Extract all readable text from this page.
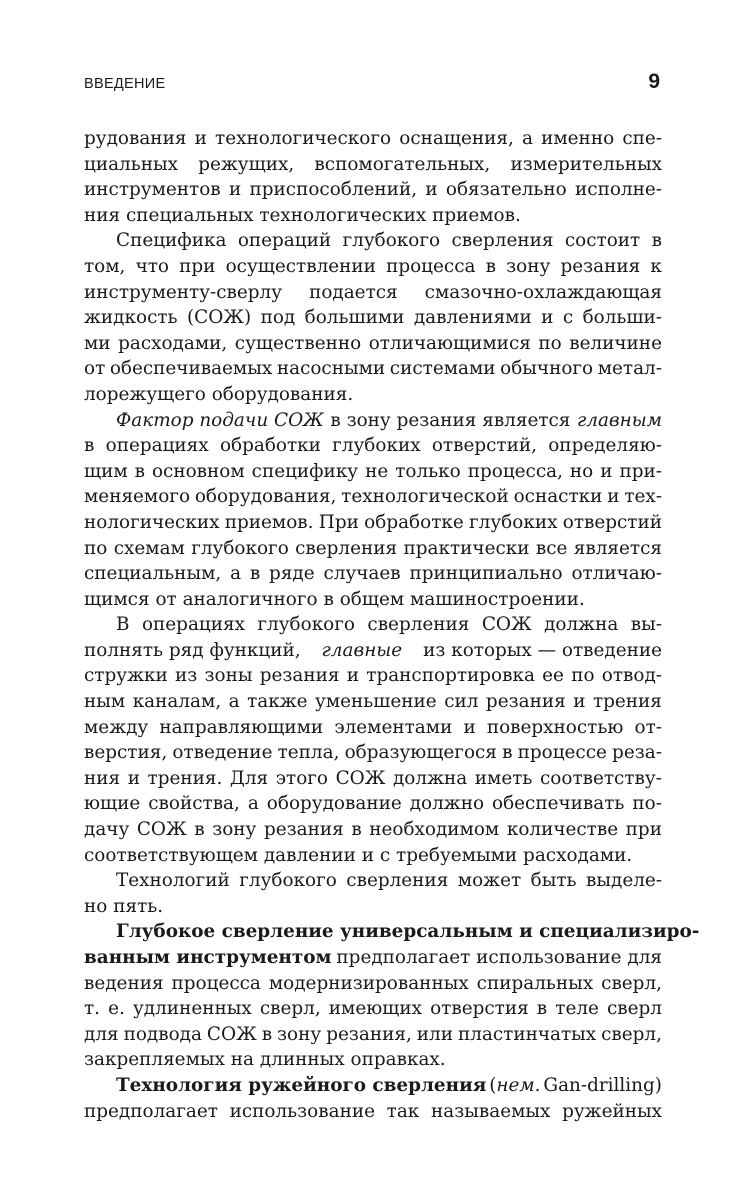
ВВЕДЕНИЕ	9
рудования и технологического оснащения, а именно спе-
циальных режущих, вспомогательных, измерительных
инструментов и приспособлений, и обязательно исполне-
ния специальных технологических приемов.
Специфика операций глубокого сверления состоит в
том, что при осуществлении процесса в зону резания к
инструменту-сверлу подается смазочно-охлаждающая
жидкость (СОЖ) под большими давлениями и с больши-
ми расходами, существенно отличающимися по величине
от обеспечиваемых насосными системами обычного метал-
лорежущего оборудования.
Фактор подачи СОЖ в зону резания является главным
в операциях обработки глубоких отверстий, определяю-
щим в основном специфику не только процесса, но и при-
меняемого оборудования, технологической оснастки и тех-
нологических приемов. При обработке глубоких отверстий
по схемам глубокого сверления практически все является
специальным, а в ряде случаев принципиально отличаю-
щимся от аналогичного в общем машиностроении.
В операциях глубокого сверления СОЖ должна вы-
полнять ряд функций, главные из которых — отведение
стружки из зоны резания и транспортировка ее по отвод-
ным каналам, а также уменьшение сил резания и трения
между направляющими элементами и поверхностью от-
верстия, отведение тепла, образующегося в процессе реза-
ния и трения. Для этого СОЖ должна иметь соответству-
ющие свойства, а оборудование должно обеспечивать по-
дачу СОЖ в зону резания в необходимом количестве при
соответствующем давлении и с требуемыми расходами.
Технологий глубокого сверления может быть выделе-
но пять.
Глубокое сверление универсальным и специализиро-
ванным инструментом предполагает использование для
ведения процесса модернизированных спиральных сверл,
т. е. удлиненных сверл, имеющих отверстия в теле сверл
для подвода СОЖ в зону резания, или пластинчатых сверл,
закрепляемых на длинных оправках.
Технология ружейного сверления (нем. Gan-drilling)
предполагает использование так называемых ружейных
